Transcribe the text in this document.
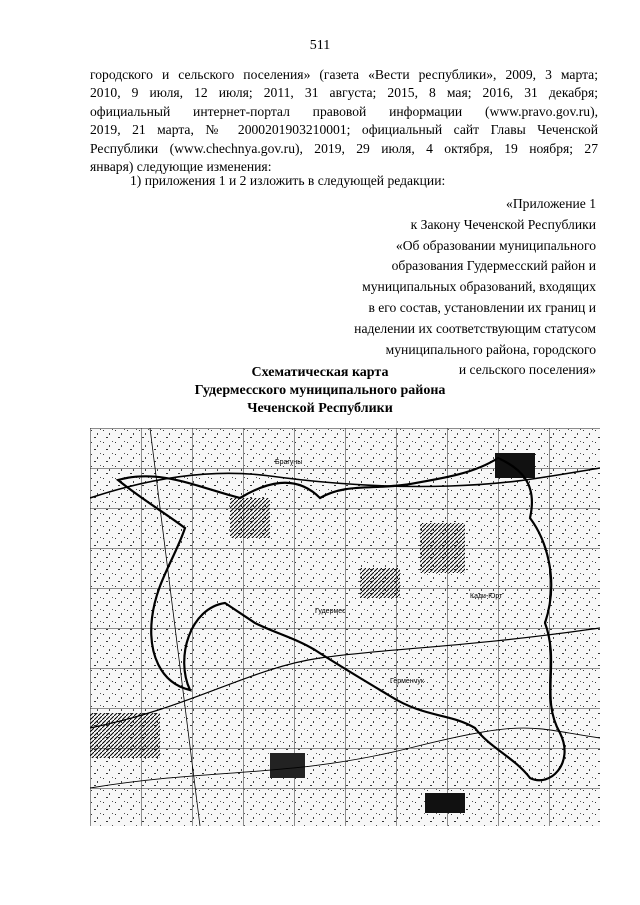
511
городского и сельского поселения» (газета «Вести республики», 2009, 3 марта;
2010, 9 июля, 12 июля; 2011, 31 августа; 2015, 8 мая; 2016, 31 декабря;
официальный интернет-портал правовой информации (www.pravo.gov.ru),
2019, 21 марта, № 2000201903210001; официальный сайт Главы Чеченской
Республики (www.chechnya.gov.ru), 2019, 29 июля, 4 октября, 19 ноября; 27
января) следующие изменения:
1) приложения 1 и 2 изложить в следующей редакции:
«Приложение 1
к Закону Чеченской Республики
«Об образовании муниципального
образования Гудермесский район и
муниципальных образований, входящих
в его состав, установлении их границ и
наделении их соответствующим статусом
муниципального района, городского
и сельского поселения»
Схематическая карта
Гудермесского муниципального района
Чеченской Республики
Гудермес
Брагуны
Кади-Юрт
Герменчук
